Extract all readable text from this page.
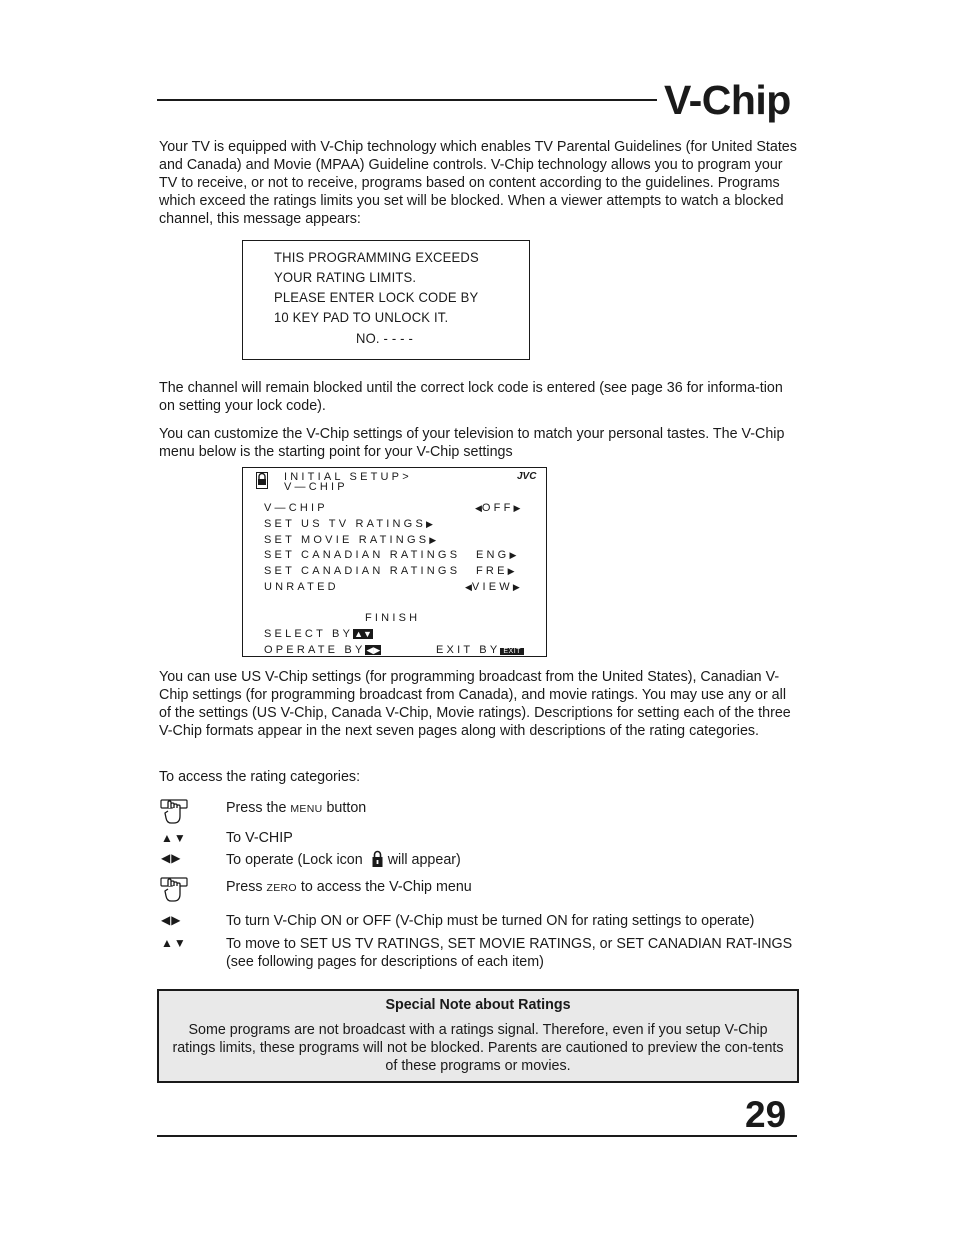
V-Chip

Your TV is equipped with V-Chip technology which enables TV Parental Guidelines (for United States and Canada) and Movie (MPAA) Guideline controls. V-Chip technology allows you to program your TV to receive, or not to receive, programs based on content according to the guidelines. Programs which exceed the ratings limits you set will be blocked. When a viewer attempts to watch a blocked channel, this message appears:

THIS PROGRAMMING EXCEEDS
YOUR RATING LIMITS.
PLEASE ENTER LOCK CODE BY
10 KEY PAD TO UNLOCK IT.
NO. - - - -

The channel will remain blocked until the correct lock code is entered (see page 36 for informa-tion on setting your lock code).

You can customize the V-Chip settings of your television to match your personal tastes. The V-Chip menu below is the starting point for your V-Chip settings

INITIAL SETUP>
V—CHIP
JVC
V—CHIP	◀OFF▶
SET US TV RATINGS▶
SET MOVIE RATINGS▶
SET CANADIAN RATINGS ENG▶
SET CANADIAN RATINGS FRE▶
UNRATED	◀VIEW▶
FINISH
SELECT BY▲▼
OPERATE BY◀▶	EXIT BY EXIT

You can use US V-Chip settings (for programming broadcast from the United States), Canadian V-Chip settings (for programming broadcast from Canada), and movie ratings. You may use any or all of the settings (US V-Chip, Canada V-Chip, Movie ratings). Descriptions for setting each of the three V-Chip formats appear in the next seven pages along with descriptions of the rating categories.

To access the rating categories:

Press the MENU button
▲▼	To V-CHIP
◀▶	To operate (Lock icon will appear)
Press ZERO to access the V-Chip menu
◀▶	To turn V-Chip ON or OFF (V-Chip must be turned ON for rating settings to operate)
▲▼	To move to SET US TV RATINGS, SET MOVIE RATINGS, or SET CANADIAN RAT-INGS (see following pages for descriptions of each item)
Special Note about Ratings
Some programs are not broadcast with a ratings signal. Therefore, even if you setup V-Chip ratings limits, these programs will not be blocked. Parents are cautioned to preview the con-tents of these programs or movies.
29
